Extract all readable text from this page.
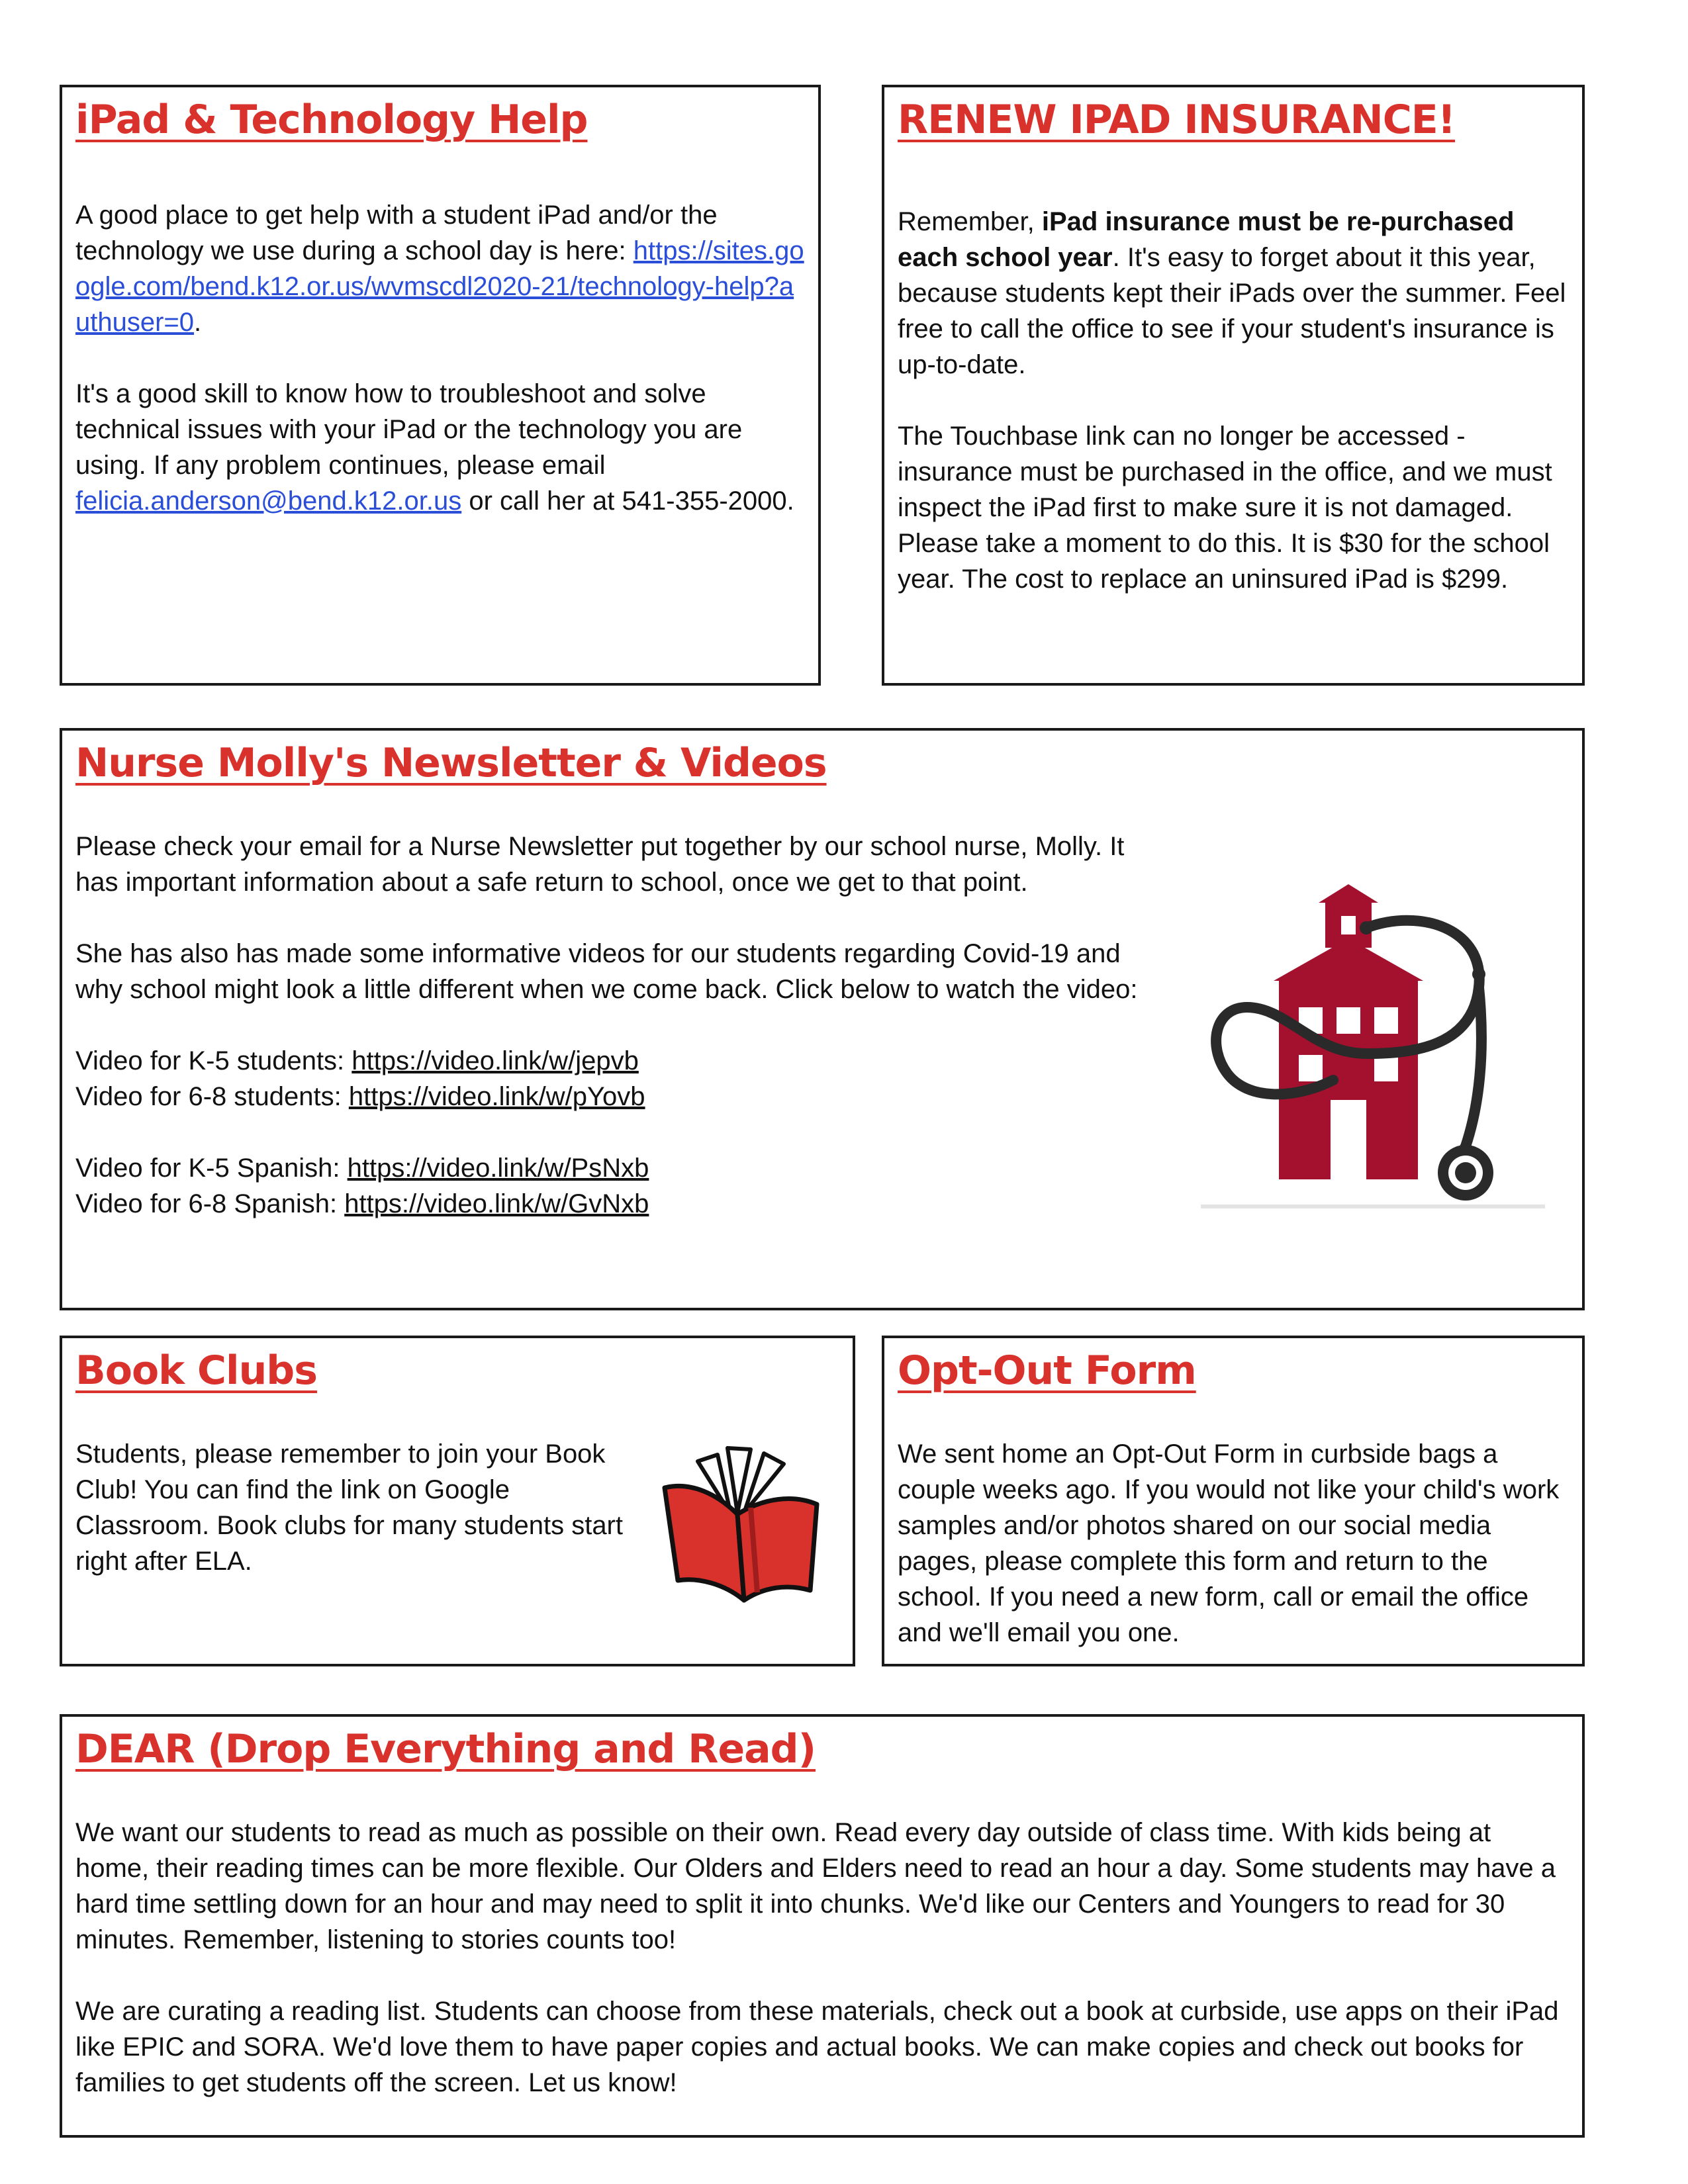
iPad & Technology Help

A good place to get help with a student iPad and/or the technology we use during a school day is here: https://sites.google.com/bend.k12.or.us/wvmscdl2020-21/technology-help?authuser=0.

It's a good skill to know how to troubleshoot and solve technical issues with your iPad or the technology you are using. If any problem continues, please email felicia.anderson@bend.k12.or.us or call her at 541-355-2000.

RENEW IPAD INSURANCE!

Remember, iPad insurance must be re-purchased each school year. It's easy to forget about it this year, because students kept their iPads over the summer. Feel free to call the office to see if your student's insurance is up-to-date.

The Touchbase link can no longer be accessed - insurance must be purchased in the office, and we must inspect the iPad first to make sure it is not damaged. Please take a moment to do this. It is $30 for the school year. The cost to replace an uninsured iPad is $299.

Nurse Molly's Newsletter & Videos

Please check your email for a Nurse Newsletter put together by our school nurse, Molly. It has important information about a safe return to school, once we get to that point.

She has also has made some informative videos for our students regarding Covid-19 and why school might look a little different when we come back. Click below to watch the video:

Video for K-5 students: https://video.link/w/jepvb
Video for 6-8 students: https://video.link/w/pYovb

Video for K-5 Spanish: https://video.link/w/PsNxb
Video for 6-8 Spanish: https://video.link/w/GvNxb

Book Clubs

Students, please remember to join your Book Club! You can find the link on Google Classroom. Book clubs for many students start right after ELA.

Opt-Out Form

We sent home an Opt-Out Form in curbside bags a couple weeks ago. If you would not like your child's work samples and/or photos shared on our social media pages, please complete this form and return to the school. If you need a new form, call or email the office and we'll email you one.

DEAR (Drop Everything and Read)

We want our students to read as much as possible on their own. Read every day outside of class time. With kids being at home, their reading times can be more flexible. Our Olders and Elders need to read an hour a day. Some students may have a hard time settling down for an hour and may need to split it into chunks. We'd like our Centers and Youngers to read for 30 minutes. Remember, listening to stories counts too!

We are curating a reading list. Students can choose from these materials, check out a book at curbside, use apps on their iPad like EPIC and SORA. We'd love them to have paper copies and actual books. We can make copies and check out books for families to get students off the screen. Let us know!
